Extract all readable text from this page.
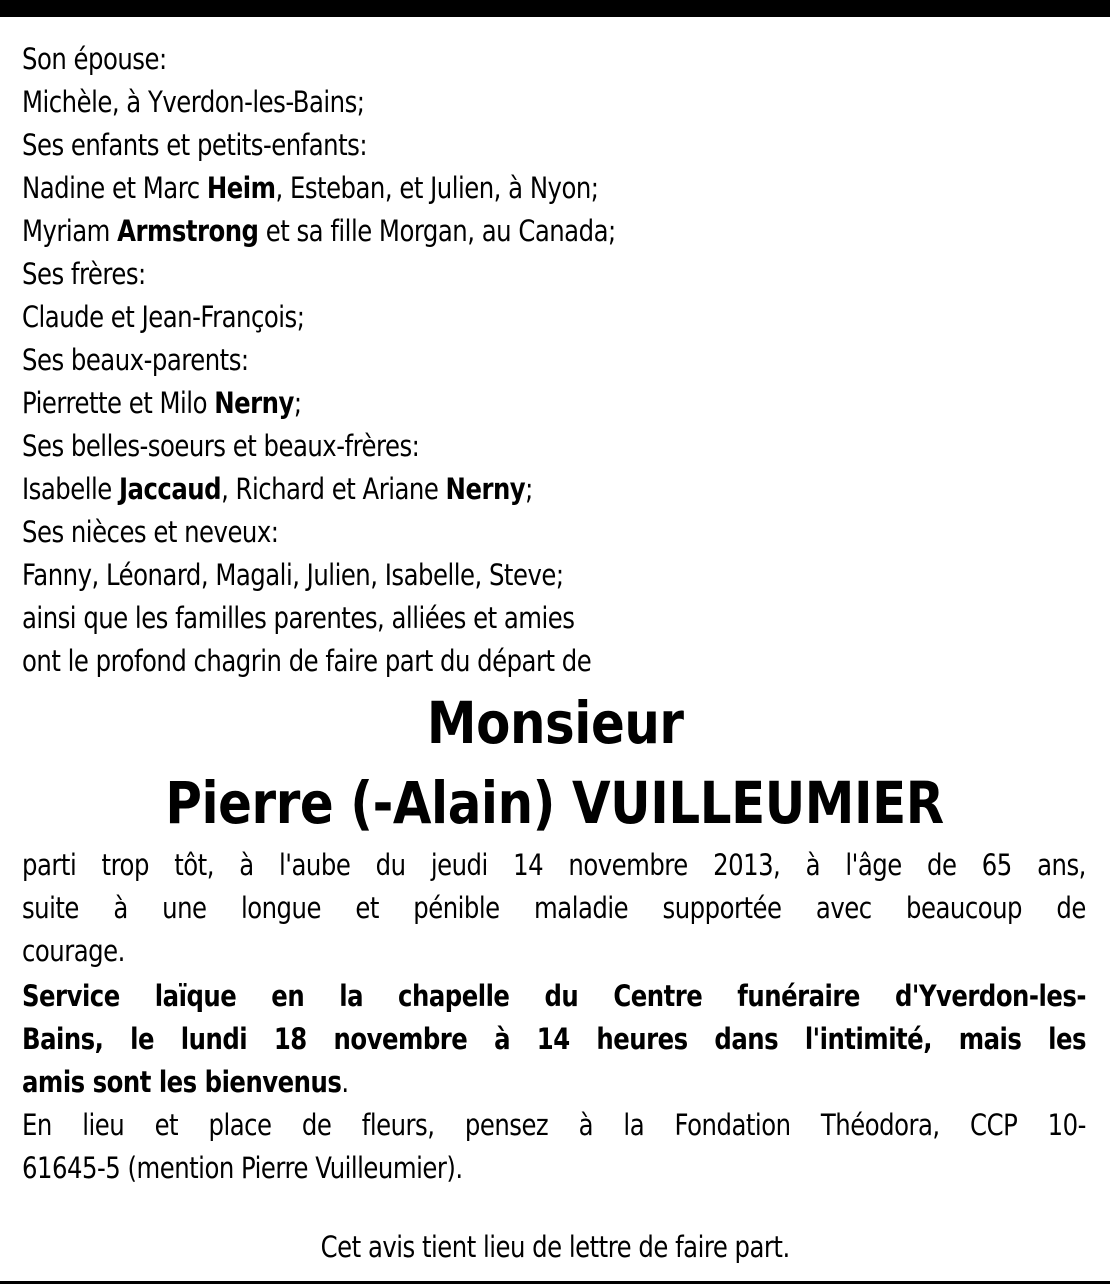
Son épouse:
Michèle, à Yverdon-les-Bains;
Ses enfants et petits-enfants:
Nadine et Marc Heim, Esteban, et Julien, à Nyon;
Myriam Armstrong et sa fille Morgan, au Canada;
Ses frères:
Claude et Jean-François;
Ses beaux-parents:
Pierrette et Milo Nerny;
Ses belles-soeurs et beaux-frères:
Isabelle Jaccaud, Richard et Ariane Nerny;
Ses nièces et neveux:
Fanny, Léonard, Magali, Julien, Isabelle, Steve;
ainsi que les familles parentes, alliées et amies
ont le profond chagrin de faire part du départ de
Monsieur
Pierre (-Alain) VUILLEUMIER
parti trop tôt, à l'aube du jeudi 14 novembre 2013, à l'âge de 65 ans,
suite à une longue et pénible maladie supportée avec beaucoup de
courage.
Service laïque en la chapelle du Centre funéraire d'Yverdon-les-
Bains, le lundi 18 novembre à 14 heures dans l'intimité, mais les
amis sont les bienvenus.
En lieu et place de fleurs, pensez à la Fondation Théodora, CCP 10-
61645-5 (mention Pierre Vuilleumier).
Cet avis tient lieu de lettre de faire part.
